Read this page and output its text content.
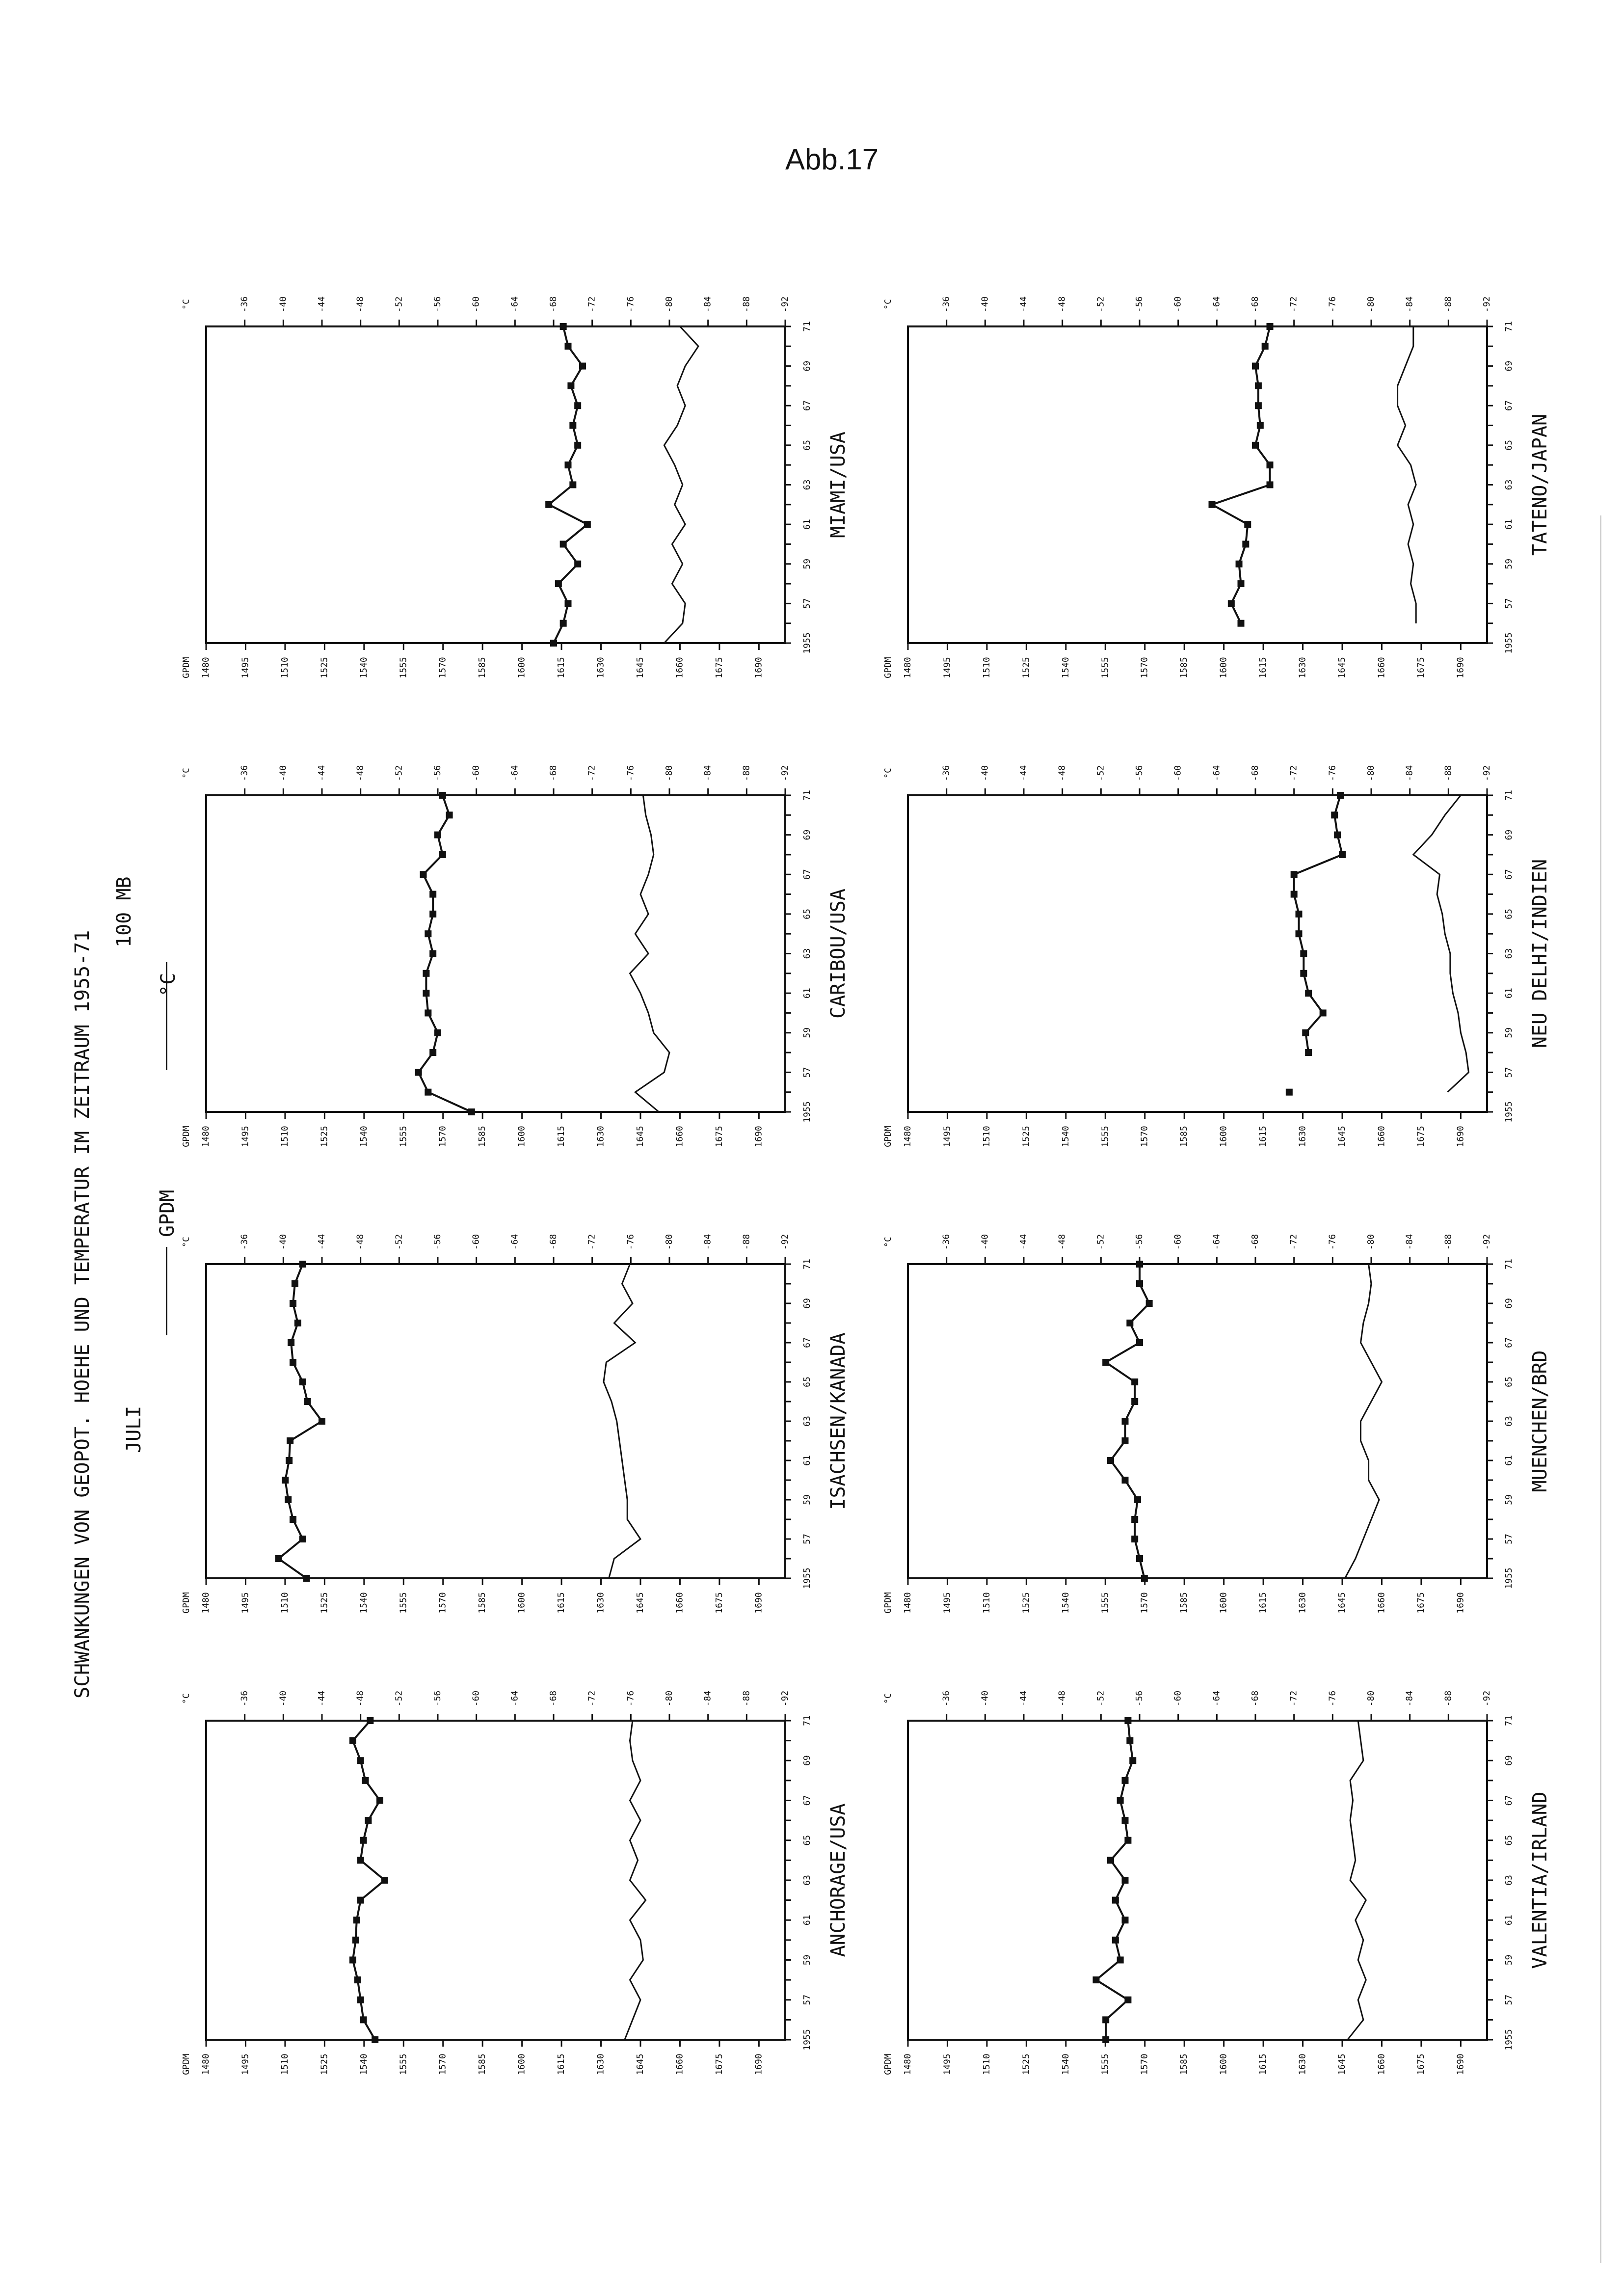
Abb.17
SCHWANKUNGEN VON GEOPOT. HOEHE UND TEMPERATUR IM ZEITRAUM 1955-71 JULI
100 MB
GPDM
°C
1690
1675
1660
1645
1630
1615
1600
1585
1570
1555
1540
1525
1510
1495
1480
GPDM
-36	-40	-44	-48	-52	-56	-60	-64	-68	-72	-76	-80	-84	-88	-92
°C
1955
57
59
61
63
65
67
69
71
ANCHORAGE/USA
1690
1675
1660
1645
1630
1615
1600
1585
1570
1555
1540
1525
1510
1495
1480
GPDM
-36	-40	-44	-48	-52	-56	-60	-64	-68	-72	-76	-80	-84	-88	-92
°C
1955
57
59
61
63
65
67
69
71
ISACHSEN/KANADA
1690
1675
1660
1645
1630
1615
1600
1585
1570
1555
1540
1525
1510
1495
1480
GPDM
-36	-40	-44	-48	-52	-56	-60	-64	-68	-72	-76	-80	-84	-88	-92
°C
1955
57
59
61
63
65
67
69
71
CARIBOU/USA
1690
1675
1660
1645
1630
1615
1600
1585
1570
1555
1540
1525
1510
1495
1480
GPDM
-36	-40	-44	-48	-52	-56	-60	-64	-68	-72	-76	-80	-84	-88	-92
°C
1955
57
59
61
63
65
67
69
71
MIAMI/USA
1690
1675
1660
1645
1630
1615
1600
1585
1570
1555
1540
1525
1510
1495
1480
GPDM
-36	-40	-44	-48	-52	-56	-60	-64	-68	-72	-76	-80	-84	-88	-92
°C
1955
57
59
61
63
65
67
69
71
VALENTIA/IRLAND
1690
1675
1660
1645
1630
1615
1600
1585
1570
1555
1540
1525
1510
1495
1480
GPDM
-36	-40	-44	-48	-52	-56	-60	-64	-68	-72	-76	-80	-84	-88	-92
°C
1955
57
59
61
63
65
67
69
71
MUENCHEN/BRD
1690
1675
1660
1645
1630
1615
1600
1585
1570
1555
1540
1525
1510
1495
1480
GPDM
-36	-40	-44	-48	-52	-56	-60	-64	-68	-72	-76	-80	-84	-88	-92
°C
1955
57
59
61
63
65
67
69
71
NEU DELHI/INDIEN
1690
1675
1660
1645
1630
1615
1600
1585
1570
1555
1540
1525
1510
1495
1480
GPDM
-36	-40	-44	-48	-52	-56	-60	-64	-68	-72	-76	-80	-84	-88	-92
°C
1955
57
59
61
63
65
67
69
71
TATENO/JAPAN
